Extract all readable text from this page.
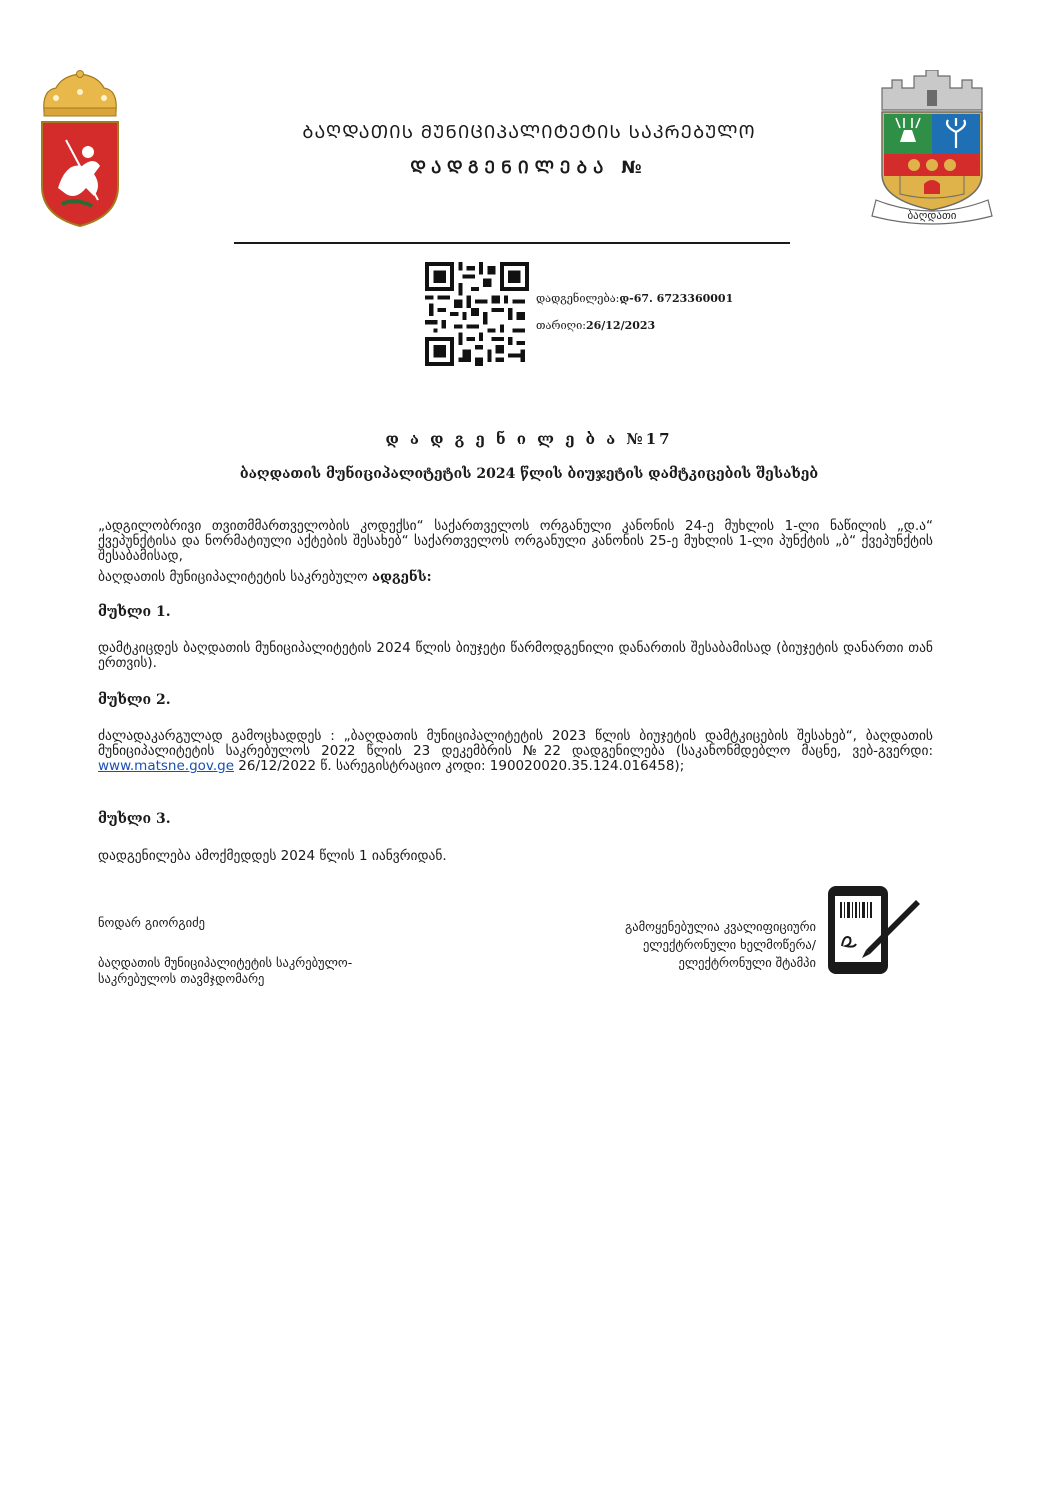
ბაღდათი
ᲑᲐᲦᲓᲐᲗᲘᲡ ᲛᲣᲜᲘᲪᲘᲞᲐᲚᲘᲢᲔᲢᲘᲡ ᲡᲐᲙᲠᲔᲑᲣᲚᲝ
ᲓᲐᲓᲒᲔᲜᲘᲚᲔᲑᲐ №
დადგენილება:დ-67. 6723360001
თარიღი:26/12/2023
დ ა დ გ ე ნ ი ლ ე ბ ა №17
ბაღდათის მუნიციპალიტეტის 2024 წლის ბიუჯეტის დამტკიცების შესახებ
„ადგილობრივი თვითმმართველობის კოდექსი“ საქართველოს ორგანული კანონის 24-ე მუხლის 1-ლი ნაწილის „დ.ა“ ქვეპუნქტისა და ნორმატიული აქტების შესახებ“ საქართველოს ორგანული კანონის 25-ე მუხლის 1-ლი პუნქტის „ბ“ ქვეპუნქტის შესაბამისად,
ბაღდათის მუნიციპალიტეტის საკრებულო ადგენს:
მუხლი 1.
დამტკიცდეს ბაღდათის მუნიციპალიტეტის 2024 წლის ბიუჯეტი წარმოდგენილი დანართის შესაბამისად (ბიუჯეტის დანართი თან ერთვის).
მუხლი 2.
ძალადაკარგულად გამოცხადდეს : „ბაღდათის მუნიციპალიტეტის 2023 წლის ბიუჯეტის დამტკიცების შესახებ“, ბაღდათის მუნიციპალიტეტის საკრებულოს 2022 წლის 23 დეკემბრის №22 დადგენილება (საკანონმდებლო მაცნე, ვებ-გვერდი: www.matsne.gov.ge 26/12/2022 წ. სარეგისტრაციო კოდი: 190020020.35.124.016458);
მუხლი 3.
დადგენილება ამოქმედდეს 2024 წლის 1 იანვრიდან.
ნოდარ გიორგიძე
ბაღდათის მუნიციპალიტეტის საკრებულო-
საკრებულოს თავმჯდომარე
გამოყენებულია კვალიფიციური
ელექტრონული ხელმოწერა/
ელექტრონული შტამპი
